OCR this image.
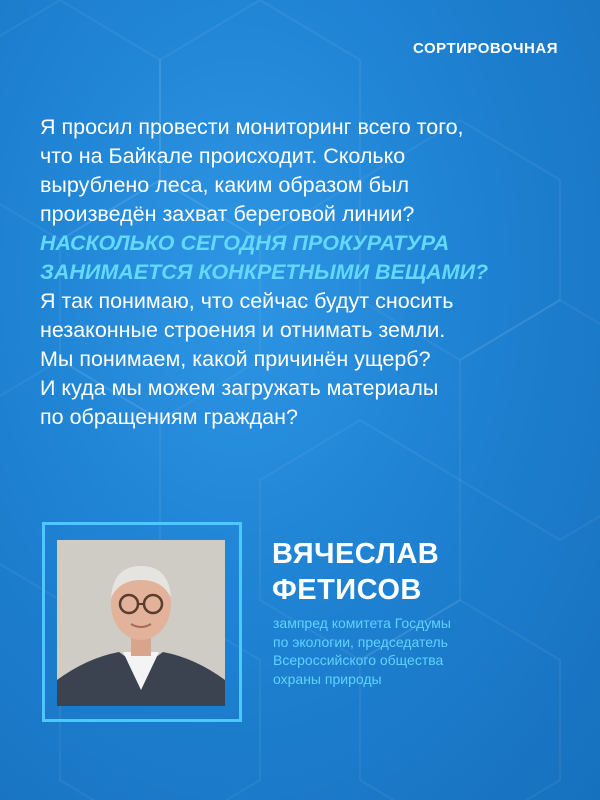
СОРТИРОВОЧНАЯ
Я просил провести мониторинг всего того,
что на Байкале происходит. Сколько
вырублено леса, каким образом был
произведён захват береговой линии?
НАСКОЛЬКО СЕГОДНЯ ПРОКУРАТУРА
ЗАНИМАЕТСЯ КОНКРЕТНЫМИ ВЕЩАМИ?
Я так понимаю, что сейчас будут сносить
незаконные строения и отнимать земли.
Мы понимаем, какой причинён ущерб?
И куда мы можем загружать материалы
по обращениям граждан?
ВЯЧЕСЛАВ
ФЕТИСОВ
зампред комитета Госдумы
по экологии, председатель
Всероссийского общества
охраны природы
